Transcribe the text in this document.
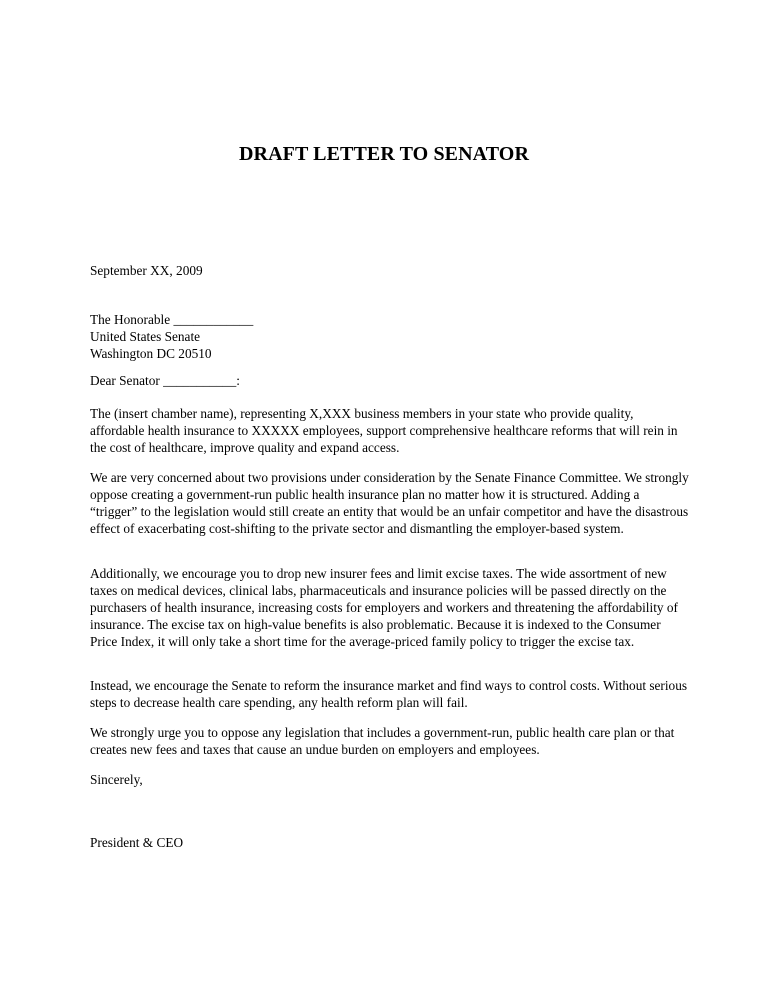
DRAFT LETTER TO SENATOR

September XX, 2009

The Honorable ____________
United States Senate
Washington DC 20510

Dear Senator ___________:

The (insert chamber name), representing X,XXX business members in your state who provide quality, affordable health insurance to XXXXX employees, support comprehensive healthcare reforms that will rein in the cost of healthcare, improve quality and expand access.

We are very concerned about two provisions under consideration by the Senate Finance Committee. We strongly oppose creating a government-run public health insurance plan no matter how it is structured. Adding a “trigger” to the legislation would still create an entity that would be an unfair competitor and have the disastrous effect of exacerbating cost-shifting to the private sector and dismantling the employer-based system.

Additionally, we encourage you to drop new insurer fees and limit excise taxes. The wide assortment of new taxes on medical devices, clinical labs, pharmaceuticals and insurance policies will be passed directly on the purchasers of health insurance, increasing costs for employers and workers and threatening the affordability of insurance. The excise tax on high-value benefits is also problematic. Because it is indexed to the Consumer Price Index, it will only take a short time for the average-priced family policy to trigger the excise tax.

Instead, we encourage the Senate to reform the insurance market and find ways to control costs. Without serious steps to decrease health care spending, any health reform plan will fail.

We strongly urge you to oppose any legislation that includes a government-run, public health care plan or that creates new fees and taxes that cause an undue burden on employers and employees.

Sincerely,

President & CEO
